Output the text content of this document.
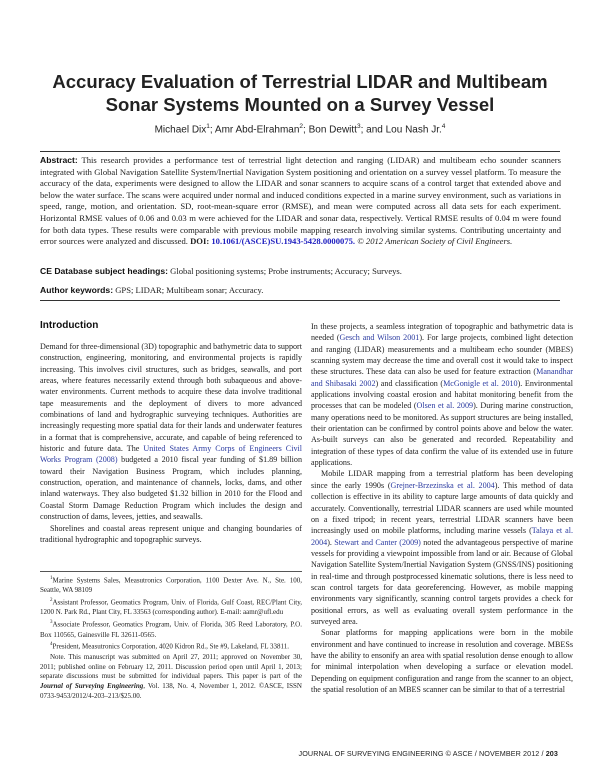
Accuracy Evaluation of Terrestrial LIDAR and Multibeam
Sonar Systems Mounted on a Survey Vessel
Michael Dix$^1$; Amr Abd-Elrahman$^2$; Bon Dewitt$^3$; and Lou Nash Jr.$^4$
Abstract: This research provides a performance test of terrestrial light detection and ranging (LIDAR) and multibeam echo sounder scanners integrated with Global Navigation Satellite System/Inertial Navigation System positioning and orientation on a survey vessel platform. To measure the accuracy of the data, experiments were designed to allow the LIDAR and sonar scanners to acquire scans of a control target that extended above and below the water surface. The scans were acquired under normal and induced conditions expected in a marine survey environment, such as variations in speed, range, motion, and orientation. SD, root-mean-square error (RMSE), and mean were computed across all data sets for each experiment. Horizontal RMSE values of 0.06 and 0.03 m were achieved for the LIDAR and sonar data, respectively. Vertical RMSE results of 0.04 m were found for both data types. These results were comparable with previous mobile mapping research involving similar systems. Contributing uncertainty and error sources were analyzed and discussed. DOI: 10.1061/(ASCE)SU.1943-5428.0000075. © 2012 American Society of Civil Engineers.
CE Database subject headings: Global positioning systems; Probe instruments; Accuracy; Surveys.
Author keywords: GPS; LIDAR; Multibeam sonar; Accuracy.
Introduction

Demand for three-dimensional (3D) topographic and bathymetric data to support construction, engineering, monitoring, and environmental projects is rapidly increasing. This involves civil structures, such as bridges, seawalls, and port areas, where features necessarily extend through both subaqueous and above-water environments. Current methods to acquire these data involve traditional tape measurements and the deployment of divers to more advanced combinations of land and hydrographic surveying techniques. Authorities are increasingly requesting more spatial data for their lands and underwater features in a format that is comprehensive, accurate, and capable of being referenced to historic and future data. The United States Army Corps of Engineers Civil Works Program (2008) budgeted a 2010 fiscal year funding of $1.89 billion toward their Navigation Business Program, which includes planning, construction, operation, and maintenance of channels, locks, dams, and other inland waterways. They also budgeted $1.32 billion in 2010 for the Flood and Coastal Storm Damage Reduction Program which includes the design and construction of dams, levees, jetties, and seawalls.

Shorelines and coastal areas represent unique and changing boundaries of traditional hydrographic and topographic surveys.

$^1$Marine Systems Sales, Measutronics Corporation, 1100 Dexter Ave. N., Ste. 100, Seattle, WA 98109

$^2$Assistant Professor, Geomatics Program, Univ. of Florida, Gulf Coast, REC/Plant City, 1200 N. Park Rd., Plant City, FL 33563 (corresponding author). E-mail: aamr@ufl.edu

$^3$Associate Professor, Geomatics Program, Univ. of Florida, 305 Reed Laboratory, P.O. Box 110565, Gainesville FL 32611-0565.

$^4$President, Measutronics Corporation, 4020 Kidron Rd., Ste #9, Lakeland, FL 33811.

Note. This manuscript was submitted on April 27, 2011; approved on November 30, 2011; published online on February 12, 2011. Discussion period open until April 1, 2013; separate discussions must be submitted for individual papers. This paper is part of the Journal of Surveying Engineering, Vol. 138, No. 4, November 1, 2012. ©ASCE, ISSN 0733-9453/2012/4-203–213/$25.00.

In these projects, a seamless integration of topographic and bathymetric data is needed (Gesch and Wilson 2001). For large projects, combined light detection and ranging (LIDAR) measurements and a multibeam echo sounder (MBES) scanning system may decrease the time and overall cost it would take to inspect these structures. These data can also be used for feature extraction (Manandhar and Shibasaki 2002) and classification (McGonigle et al. 2010). Environmental applications involving coastal erosion and habitat monitoring benefit from the processes that can be modeled (Olsen et al. 2009). During marine construction, many operations need to be monitored. As support structures are being installed, their orientation can be confirmed by control points above and below the water. As-built surveys can also be generated and recorded. Repeatability and integration of these types of data confirm the value of its extended use in future applications.

Mobile LIDAR mapping from a terrestrial platform has been developing since the early 1990s (Grejner-Brzezinska et al. 2004). This method of data collection is effective in its ability to capture large amounts of data quickly and accurately. Conventionally, terrestrial LIDAR scanners are used while mounted on a fixed tripod; in recent years, terrestrial LIDAR scanners have been increasingly used on mobile platforms, including marine vessels (Talaya et al. 2004). Stewart and Canter (2009) noted the advantageous perspective of marine vessels for providing a viewpoint impossible from land or air. Because of Global Navigation Satellite System/Inertial Navigation System (GNSS/INS) positioning in real-time and through postprocessed kinematic solutions, there is less need to scan control targets for data georeferencing. However, as mobile mapping environments vary significantly, scanning control targets provides a check for positional errors, as well as evaluating overall system performance in the surveyed area.

Sonar platforms for mapping applications were born in the mobile environment and have continued to increase in resolution and coverage. MBESs have the ability to ensonify an area with spatial resolution dense enough to allow for minimal interpolation when developing a surface or elevation model. Depending on equipment configuration and range from the scanner to an object, the spatial resolution of an MBES scanner can be similar to that of a terrestrial

JOURNAL OF SURVEYING ENGINEERING © ASCE / NOVEMBER 2012 / 203
